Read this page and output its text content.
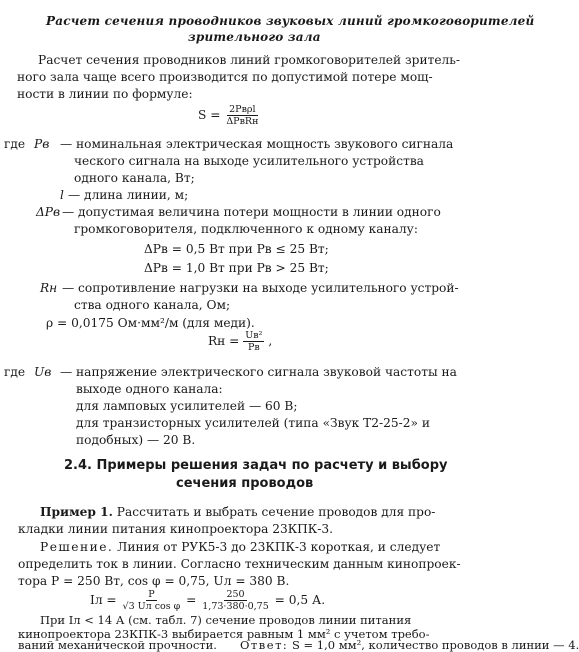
Расчет сечения проводников звуковых линий громкоговорителей
зрительного зала
Расчет сечения проводников линий громкоговорителей зритель-
ного зала чаще всего производится по допустимой потере мощ-
ности в линии по формуле:
$S = \frac{\text{2Pвρl}}{\text{ΔPвRн}}$
где Pв — номинальная электрическая мощность звукового сигнала
ческого сигнала на выходе усилительного устройства
одного канала, Вт;
l — длина линии, м;
ΔPв — допустимая величина потери мощности в линии одного
громкоговорителя, подключенного к одному каналу:
ΔPв = 0,5 Вт при Pв ≤ 25 Вт;
ΔPв = 1,0 Вт при Pв > 25 Вт;
Rн — сопротивление нагрузки на выходе усилительного устрой-
ства одного канала, Ом;
ρ = 0,0175 Ом·мм²/м (для меди).
Rн = $\frac{\text{Uв²}}{Pв}$ ,
где Uв — напряжение электрического сигнала звуковой частоты на
выходе одного канала:
для ламповых усилителей — 60 В;
для транзисторных усилителей (типа «Звук Т2-25-2» и
подобных) — 20 В.
2.4. Примеры решения задач по расчету и выбору
сечения проводов
Пример 1. Рассчитать и выбрать сечение проводов для про-
кладки линии питания кинопроектора 23КПК-3.
Решение. Линия от РУК5-3 до 23КПК-3 короткая, и следует
определить ток в линии. Согласно техническим данным кинопроек-
тора P = 250 Вт, cos φ = 0,75, Uл = 380 В.
Iл = $\frac{P}{\text{√3 Uл cos φ}} = \frac{250}{1,73\cdot 380\cdot 0,75} = 0,5$ А.
При Iл < 14 А (см. табл. 7) сечение проводов линии питания
кинопроектора 23КПК-3 выбирается равным 1 мм² с учетом требо-
ваний механической прочности. Ответ: S = 1,0 мм², количество проводов в линии — 4.
